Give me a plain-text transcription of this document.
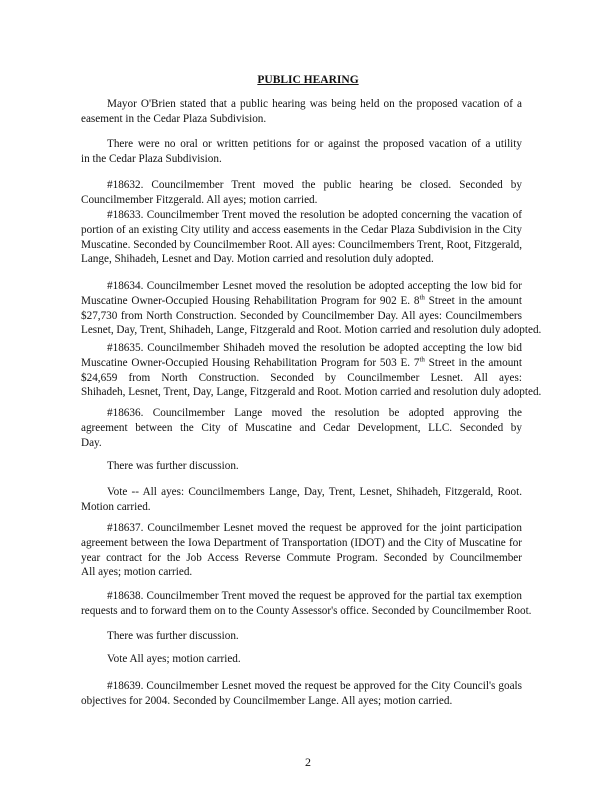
PUBLIC HEARING
Mayor O'Brien stated that a public hearing was being held on the proposed vacation of a
easement in the Cedar Plaza Subdivision.
There were no oral or written petitions for or against the proposed vacation of a utility
in the Cedar Plaza Subdivision.
#18632. Councilmember Trent moved the public hearing be closed. Seconded by
Councilmember Fitzgerald. All ayes; motion carried.
#18633. Councilmember Trent moved the resolution be adopted concerning the vacation of
portion of an existing City utility and access easements in the Cedar Plaza Subdivision in the City
Muscatine. Seconded by Councilmember Root. All ayes: Councilmembers Trent, Root, Fitzgerald,
Lange, Shihadeh, Lesnet and Day. Motion carried and resolution duly adopted.
#18634. Councilmember Lesnet moved the resolution be adopted accepting the low bid for
Muscatine Owner-Occupied Housing Rehabilitation Program for 902 E. 8th Street in the amount
$27,730 from North Construction. Seconded by Councilmember Day. All ayes: Councilmembers
Lesnet, Day, Trent, Shihadeh, Lange, Fitzgerald and Root. Motion carried and resolution duly adopted.
#18635. Councilmember Shihadeh moved the resolution be adopted accepting the low bid
Muscatine Owner-Occupied Housing Rehabilitation Program for 503 E. 7th Street in the amount
$24,659 from North Construction. Seconded by Councilmember Lesnet. All ayes:
Shihadeh, Lesnet, Trent, Day, Lange, Fitzgerald and Root. Motion carried and resolution duly adopted.
#18636. Councilmember Lange moved the resolution be adopted approving the
agreement between the City of Muscatine and Cedar Development, LLC. Seconded by
Day.
There was further discussion.
Vote -- All ayes: Councilmembers Lange, Day, Trent, Lesnet, Shihadeh, Fitzgerald, Root.
Motion carried.
#18637. Councilmember Lesnet moved the request be approved for the joint participation
agreement between the Iowa Department of Transportation (IDOT) and the City of Muscatine for
year contract for the Job Access Reverse Commute Program. Seconded by Councilmember
All ayes; motion carried.
#18638. Councilmember Trent moved the request be approved for the partial tax exemption
requests and to forward them on to the County Assessor's office. Seconded by Councilmember Root.
There was further discussion.
Vote All ayes; motion carried.
#18639. Councilmember Lesnet moved the request be approved for the City Council's goals
objectives for 2004. Seconded by Councilmember Lange. All ayes; motion carried.
2
